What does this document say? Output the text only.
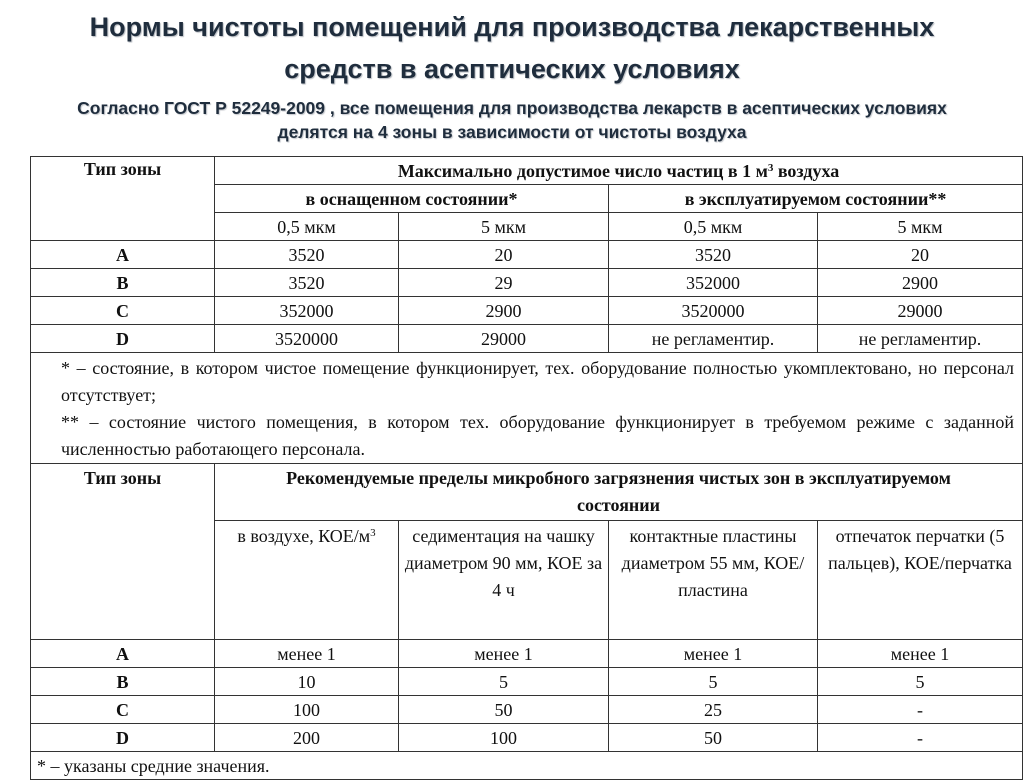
Нормы чистоты помещений для производства лекарственных
средств в асептических условиях
Согласно ГОСТ Р 52249-2009 , все помещения для производства лекарств в асептических условиях
делятся на 4 зоны в зависимости от чистоты воздуха
Тип зоны	Максимально допустимое число частиц в 1 $м^3$ воздуха			
	в оснащенном состоянии*		в эксплуатируемом состоянии**	
	0,5 мкм	5 мкм	0,5 мкм	5 мкм
A	3520	20	3520	20
B	3520	29	352000	2900
C	352000	2900	3520000	29000
D	3520000	29000	не регламентир.	не регламентир.

* – состояние, в котором чистое помещение функционирует, тех. оборудование полностью укомплектовано, но персонал отсутствует;

** – состояние чистого помещения, в котором тех. оборудование функционирует в требуемом режиме с заданной численностью работающего персонала.				

Тип зоны	Рекомендуемые пределы микробного загрязнения чистых зон в эксплуатируемом состоянии			
	в воздухе, КОЕ/$м^3$	седиментация на чашку диаметром 90 мм, КОЕ за 4 ч	контактные пластины диаметром 55 мм, КОЕ/пластина	отпечаток перчатки (5 пальцев), КОЕ/перчатка
A	менее 1	менее 1	менее 1	менее 1
B	10	5	5	5
C	100	50	25	-
D	200	100	50	-
* – указаны средние значения.				
